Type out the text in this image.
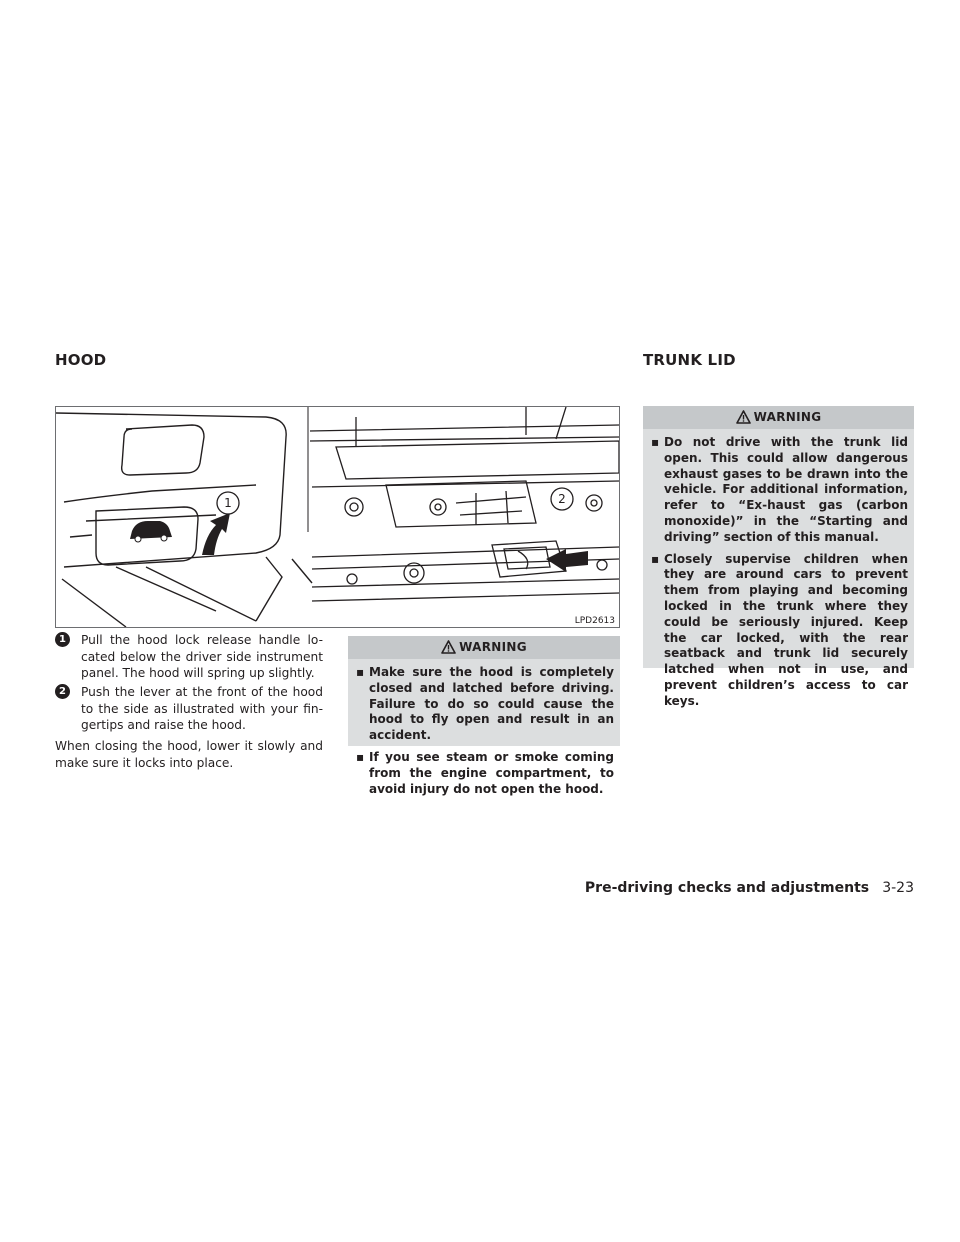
HOOD	TRUNK LID
1	2
LPD2613
1	Pull the hood lock release handle lo-cated below the driver side instrument panel. The hood will spring up slightly.
2	Push the lever at the front of the hood to the side as illustrated with your fin-gertips and raise the hood.
When closing the hood, lower it slowly and make sure it locks into place.
WARNING
▪ Make sure the hood is completely closed and latched before driving. Failure to do so could cause the hood to fly open and result in an accident.
▪ If you see steam or smoke coming from the engine compartment, to avoid injury do not open the hood.
WARNING
▪ Do not drive with the trunk lid open. This could allow dangerous exhaust gases to be drawn into the vehicle. For additional information, refer to “Ex-haust gas (carbon monoxide)” in the “Starting and driving” section of this manual.
▪ Closely supervise children when they are around cars to prevent them from playing and becoming locked in the trunk where they could be seriously injured. Keep the car locked, with the rear seatback and trunk lid securely latched when not in use, and prevent children’s access to car keys.
Pre-driving checks and adjustments 3-23
